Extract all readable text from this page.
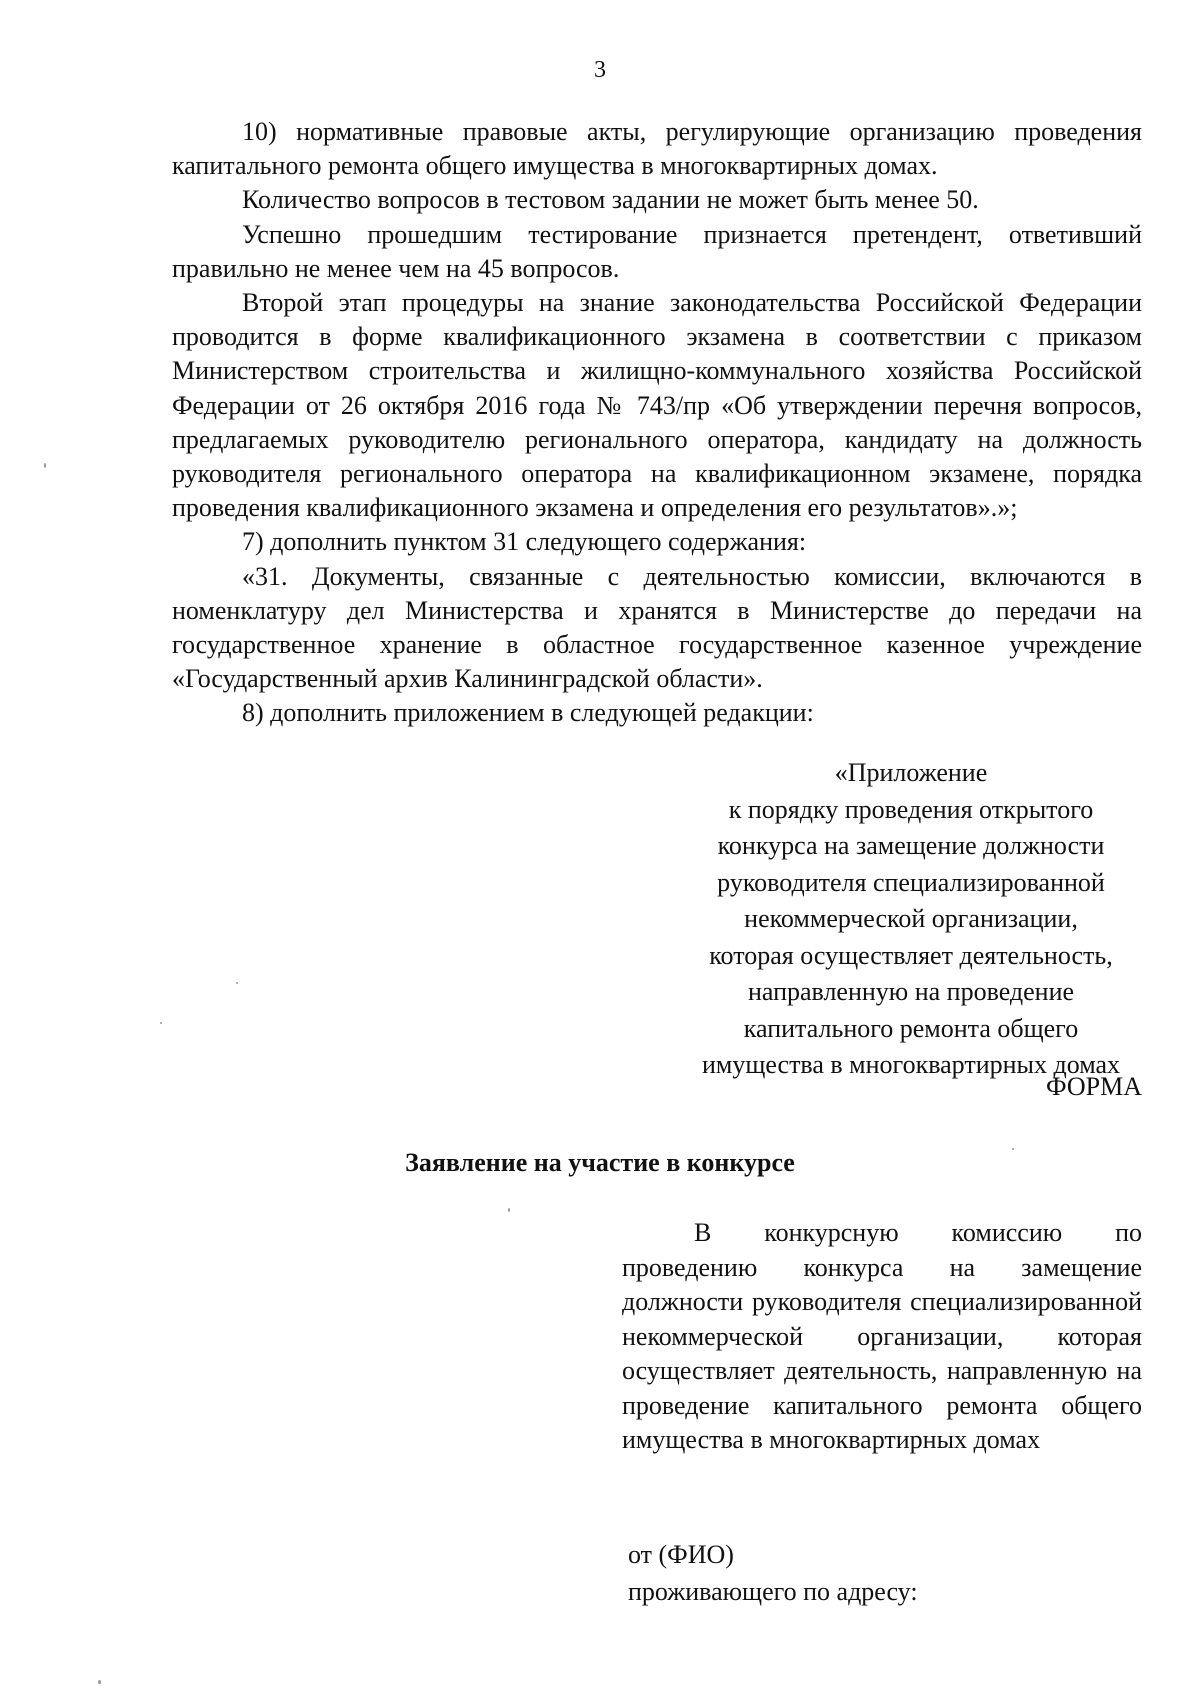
3

10) нормативные правовые акты, регулирующие организацию проведения капитального ремонта общего имущества в многоквартирных домах.

Количество вопросов в тестовом задании не может быть менее 50.

Успешно прошедшим тестирование признается претендент, ответивший правильно не менее чем на 45 вопросов.

Второй этап процедуры на знание законодательства Российской Федерации проводится в форме квалификационного экзамена в соответствии с приказом Министерством строительства и жилищно-коммунального хозяйства Российской Федерации от 26 октября 2016 года № 743/пр «Об утверждении перечня вопросов, предлагаемых руководителю регионального оператора, кандидату на должность руководителя регионального оператора на квалификационном экзамене, порядка проведения квалификационного экзамена и определения его результатов».»;

7) дополнить пунктом 31 следующего содержания:

«31. Документы, связанные с деятельностью комиссии, включаются в номенклатуру дел Министерства и хранятся в Министерстве до передачи на государственное хранение в областное государственное казенное учреждение «Государственный архив Калининградской области».

8) дополнить приложением в следующей редакции:

«Приложение
к порядку проведения открытого
конкурса на замещение должности
руководителя специализированной
некоммерческой организации,
которая осуществляет деятельность,
направленную на проведение
капитального ремонта общего
имущества в многоквартирных домах
ФОРМА
Заявление на участие в конкурсе
В конкурсную комиссию по проведению конкурса на замещение должности руководителя специализированной некоммерческой организации, которая осуществляет деятельность, направленную на проведение капитального ремонта общего имущества в многоквартирных домах
от (ФИО)
проживающего по адресу:
